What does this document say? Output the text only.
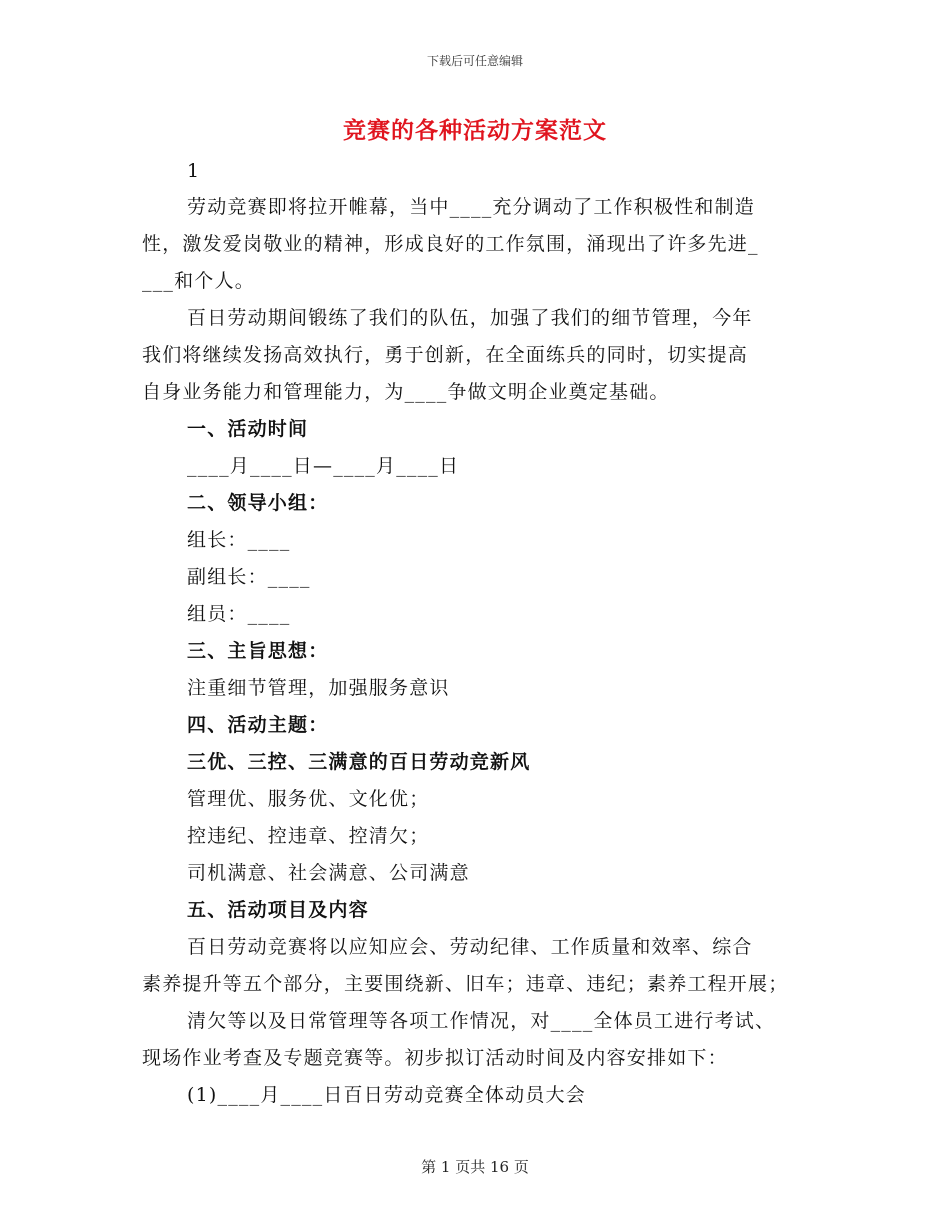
下载后可任意编辑
竞赛的各种活动方案范文
1
劳动竞赛即将拉开帷幕，当中____充分调动了工作积极性和制造
性，激发爱岗敬业的精神，形成良好的工作氛围，涌现出了许多先进_
___和个人。
百日劳动期间锻练了我们的队伍，加强了我们的细节管理，今年
我们将继续发扬高效执行，勇于创新，在全面练兵的同时，切实提高
自身业务能力和管理能力，为____争做文明企业奠定基础。
一、活动时间
____月____日—____月____日
二、领导小组：
组长：____
副组长：____
组员：____
三、主旨思想：
注重细节管理，加强服务意识
四、活动主题：
三优、三控、三满意的百日劳动竞新风
管理优、服务优、文化优；
控违纪、控违章、控清欠；
司机满意、社会满意、公司满意
五、活动项目及内容
百日劳动竞赛将以应知应会、劳动纪律、工作质量和效率、综合
素养提升等五个部分，主要围绕新、旧车；违章、违纪；素养工程开展；
清欠等以及日常管理等各项工作情况，对____全体员工进行考试、
现场作业考查及专题竞赛等。初步拟订活动时间及内容安排如下：
(1)____月____日百日劳动竞赛全体动员大会
第 1 页共 16 页
